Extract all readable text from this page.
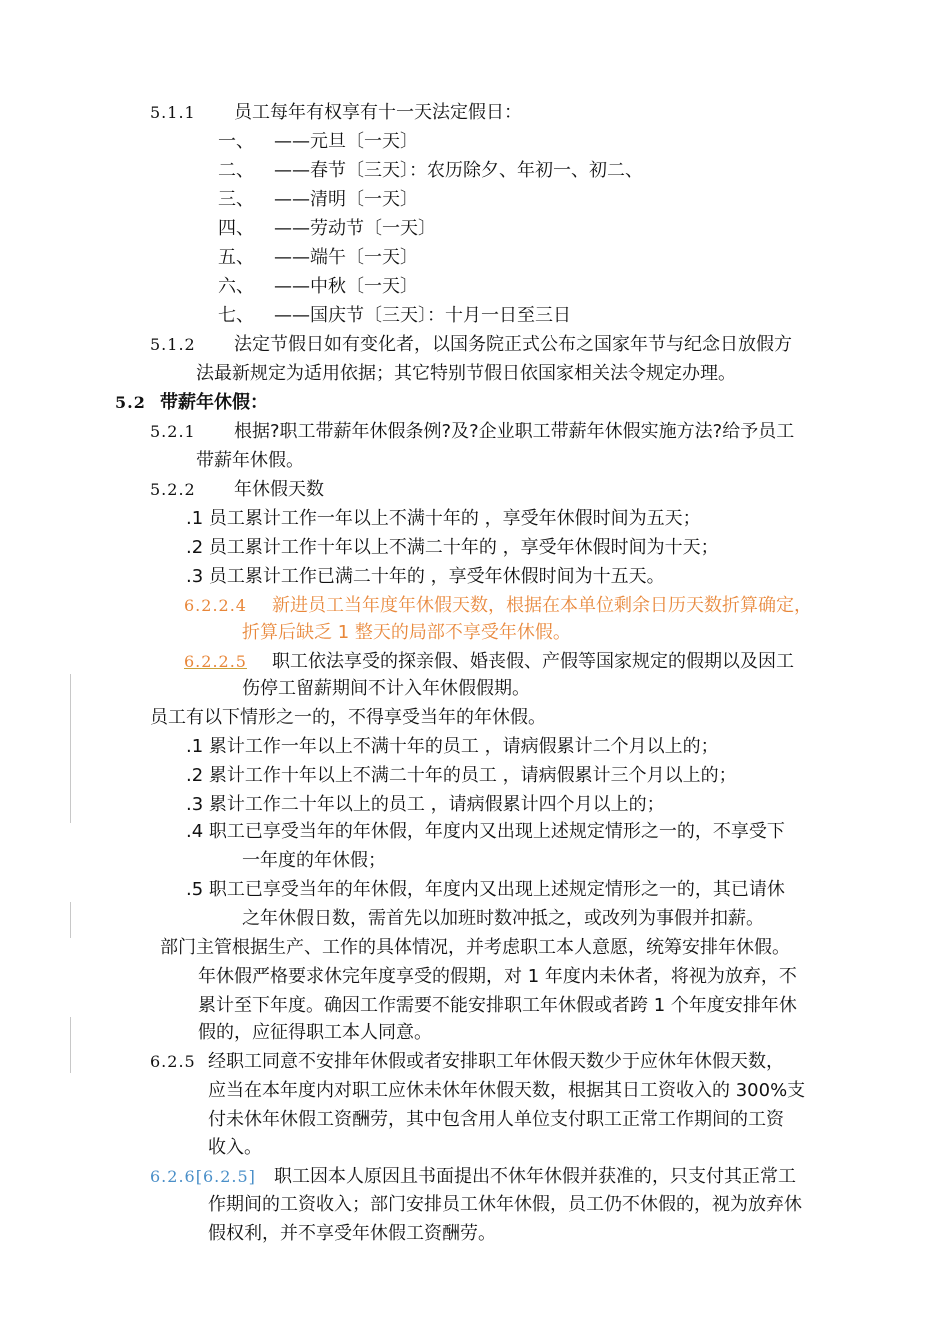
5.1.1 员工每年有权享有十一天法定假日：
一、 ——元旦〔一天〕
二、 ——春节〔三天〕：农历除夕、年初一、初二、
三、 ——清明〔一天〕
四、 ——劳动节〔一天〕
五、 ——端午〔一天〕
六、 ——中秋〔一天〕
七、 ——国庆节〔三天〕：十月一日至三日
5.1.2 法定节假日如有变化者，以国务院正式公布之国家年节与纪念日放假方
法最新规定为适用依据；其它特别节假日依国家相关法令规定办理。
5.2 带薪年休假：
5.2.1 根据?职工带薪年休假条例?及?企业职工带薪年休假实施方法?给予员工
带薪年休假。
5.2.2 年休假天数
.1 员工累计工作一年以上不满十年的 ，享受年休假时间为五天；
.2 员工累计工作十年以上不满二十年的 ，享受年休假时间为十天；
.3 员工累计工作已满二十年的 ，享受年休假时间为十五天。
6.2.2.4 新进员工当年度年休假天数，根据在本单位剩余日历天数折算确定，
折算后缺乏 1 整天的局部不享受年休假。
6.2.2.5	职工依法享受的探亲假、婚丧假、产假等国家规定的假期以及因工
伤停工留薪期间不计入年休假假期。
员工有以下情形之一的，不得享受当年的年休假。
.1 累计工作一年以上不满十年的员工 ，请病假累计二个月以上的；
.2 累计工作十年以上不满二十年的员工 ，请病假累计三个月以上的；
.3 累计工作二十年以上的员工 ，请病假累计四个月以上的；
.4 职工已享受当年的年休假，年度内又出现上述规定情形之一的，不享受下
一年度的年休假；
.5 职工已享受当年的年休假，年度内又出现上述规定情形之一的，其已请休
之年休假日数，需首先以加班时数冲抵之，或改列为事假并扣薪。
部门主管根据生产、工作的具体情况，并考虑职工本人意愿，统筹安排年休假。
年休假严格要求休完年度享受的假期，对 1 年度内未休者，将视为放弃，不
累计至下年度。确因工作需要不能安排职工年休假或者跨 1 个年度安排年休
假的，应征得职工本人同意。
6.2.5 经职工同意不安排年休假或者安排职工年休假天数少于应休年休假天数，
应当在本年度内对职工应休未休年休假天数，根据其日工资收入的 300%支
付未休年休假工资酬劳，其中包含用人单位支付职工正常工作期间的工资
收入。
6.2.6[6.2.5] 职工因本人原因且书面提出不休年休假并获准的，只支付其正常工
作期间的工资收入；部门安排员工休年休假，员工仍不休假的，视为放弃休
假权利，并不享受年休假工资酬劳。
